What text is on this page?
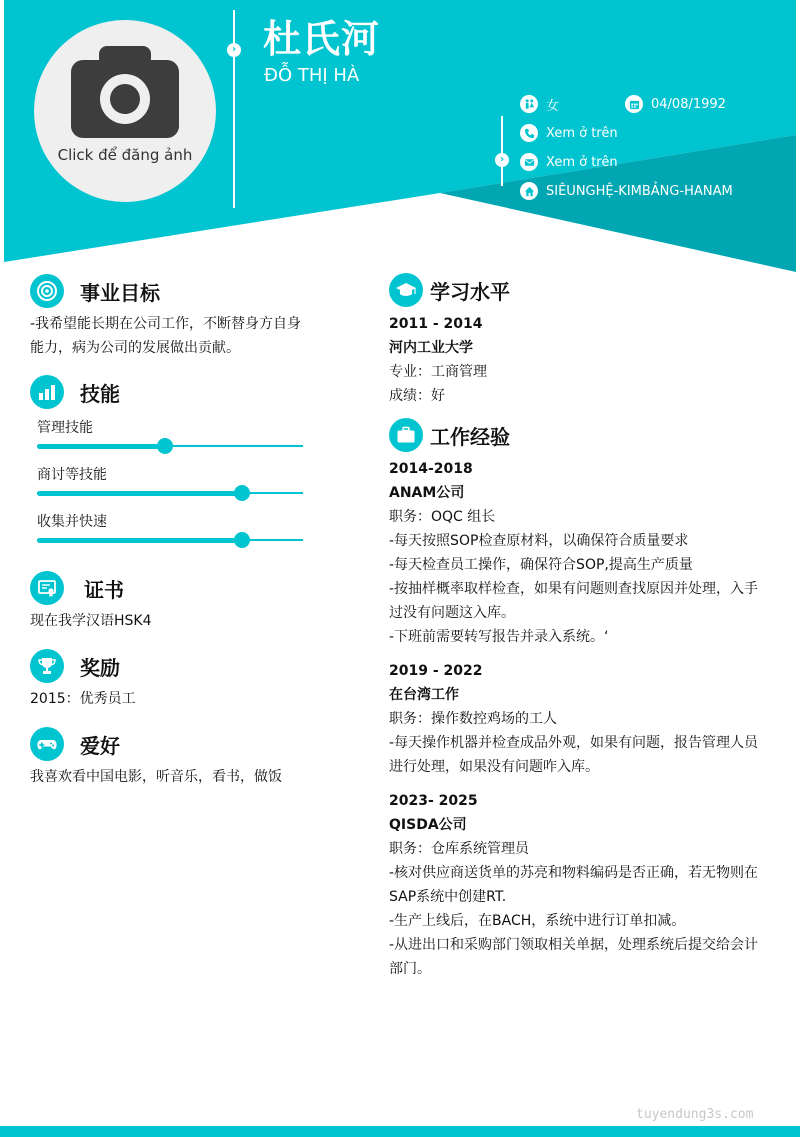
Click để đăng ảnh
› 杜氏河
ĐỖ THỊ HÀ
›
女	04/08/1992
Xem ở trên
Xem ở trên
SIÊUNGHỆ-KIMBẢNG-HANAM
事业目标
-我希望能长期在公司工作，不断替身方自身
能力，病为公司的发展做出贡献。
技能
管理技能
商讨等技能
收集并快速
证书
现在我学汉语HSK4
奖励
2015：优秀员工
爱好
我喜欢看中国电影，听音乐，看书，做饭
学习水平
2011 - 2014
河内工业大学
专业：工商管理
成绩：好
工作经验
2014-2018
ANAM公司
职务：OQC 组长
-每天按照SOP检查原材料，以确保符合质量要求
-每天检查员工操作，确保符合SOP,提高生产质量
-按抽样概率取样检查，如果有问题则查找原因并处理，入手
过没有问题这入库。
-下班前需要转写报告并录入系统。‘
2019 - 2022
在台湾工作
职务：操作数控鸡场的工人
-每天操作机器并检查成品外观，如果有问题，报告管理人员
进行处理，如果没有问题咋入库。
2023- 2025
QISDA公司
职务：仓库系统管理员
-核对供应商送货单的苏亮和物料编码是否正确，若无物则在
SAP系统中创建RT.
-生产上线后，在BACH，系统中进行订单扣减。
-从进出口和采购部门领取相关单据，处理系统后提交给会计
部门。
tuyendung3s.com
